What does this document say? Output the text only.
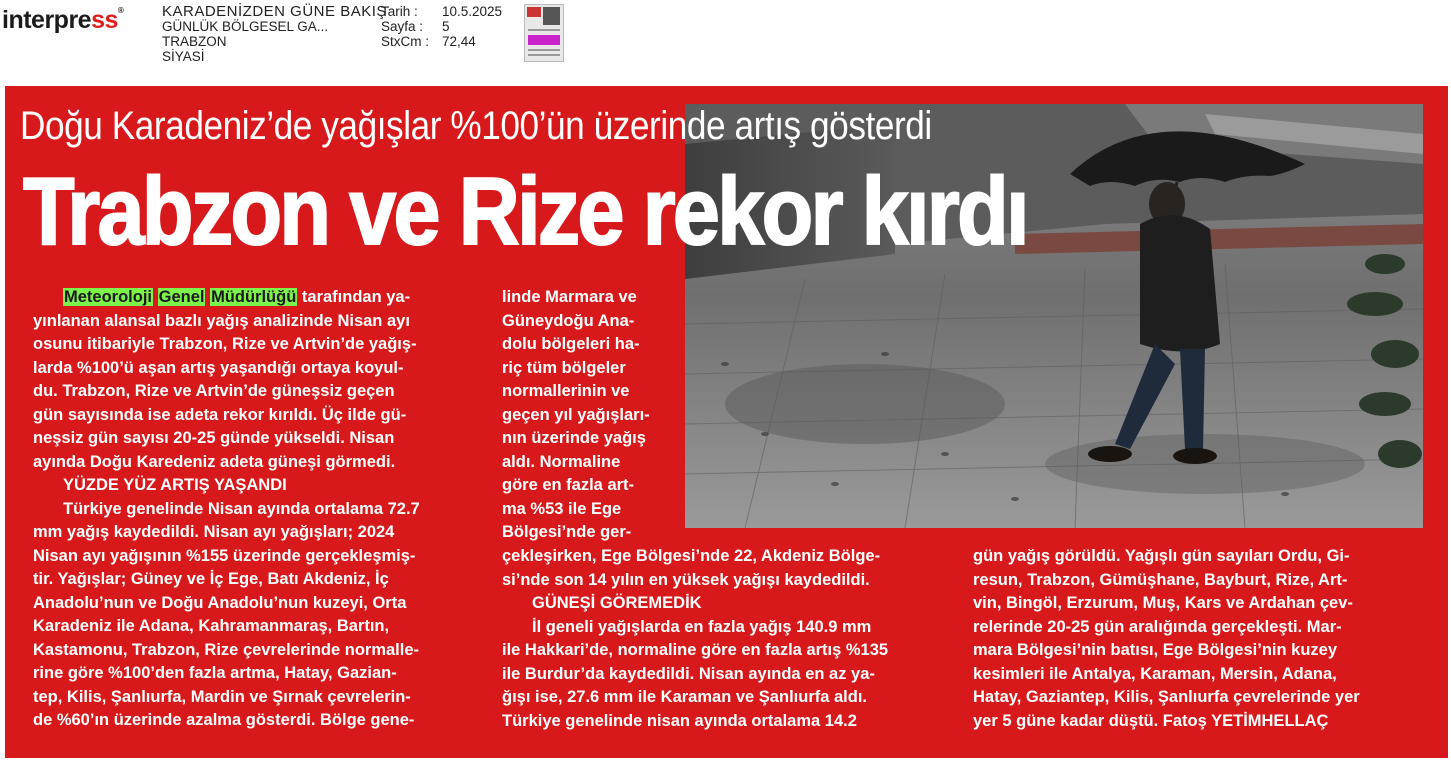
interpress®	KARADENİZDEN GÜNE BAKIŞ
GÜNLÜK BÖLGESEL GA...
TRABZON
SİYASİ
Tarih :
Sayfa :
StxCm :
10.5.2025
5
72,44
Doğu Karadeniz’de yağışlar %100’ün üzerinde artış gösterdi
Trabzon ve Rize rekor kırdı
Meteoroloji Genel Müdürlüğü tarafından ya-
yınlanan alansal bazlı yağış analizinde Nisan ayı
osunu itibariyle Trabzon, Rize ve Artvin’de yağış-
larda %100’ü aşan artış yaşandığı ortaya koyul-
du. Trabzon, Rize ve Artvin’de güneşsiz geçen
gün sayısında ise adeta rekor kırıldı. Üç ilde gü-
neşsiz gün sayısı 20-25 günde yükseldi. Nisan
ayında Doğu Karedeniz adeta güneşi görmedi.
YÜZDE YÜZ ARTIŞ YAŞANDI
Türkiye genelinde Nisan ayında ortalama 72.7
mm yağış kaydedildi. Nisan ayı yağışları; 2024
Nisan ayı yağışının %155 üzerinde gerçekleşmiş-
tir. Yağışlar; Güney ve İç Ege, Batı Akdeniz, İç
Anadolu’nun ve Doğu Anadolu’nun kuzeyi, Orta
Karadeniz ile Adana, Kahramanmaraş, Bartın,
Kastamonu, Trabzon, Rize çevrelerinde normalle-
rine göre %100’den fazla artma, Hatay, Gazian-
tep, Kilis, Şanlıurfa, Mardin ve Şırnak çevrelerin-
de %60’ın üzerinde azalma gösterdi. Bölge gene-
linde Marmara ve
Güneydoğu Ana-
dolu bölgeleri ha-
riç tüm bölgeler
normallerinin ve
geçen yıl yağışları-
nın üzerinde yağış
aldı. Normaline
göre en fazla art-
ma %53 ile Ege
Bölgesi’nde ger-
çekleşirken, Ege Bölgesi’nde 22, Akdeniz Bölge-
si’nde son 14 yılın en yüksek yağışı kaydedildi.
GÜNEŞİ GÖREMEDİK
İl geneli yağışlarda en fazla yağış 140.9 mm
ile Hakkari’de, normaline göre en fazla artış %135
ile Burdur’da kaydedildi. Nisan ayında en az ya-
ğışı ise, 27.6 mm ile Karaman ve Şanlıurfa aldı.
Türkiye genelinde nisan ayında ortalama 14.2
gün yağış görüldü. Yağışlı gün sayıları Ordu, Gi-
resun, Trabzon, Gümüşhane, Bayburt, Rize, Art-
vin, Bingöl, Erzurum, Muş, Kars ve Ardahan çev-
relerinde 20-25 gün aralığında gerçekleşti. Mar-
mara Bölgesi’nin batısı, Ege Bölgesi’nin kuzey
kesimleri ile Antalya, Karaman, Mersin, Adana,
Hatay, Gaziantep, Kilis, Şanlıurfa çevrelerinde yer
yer 5 güne kadar düştü. Fatoş YETİMHELLAÇ
